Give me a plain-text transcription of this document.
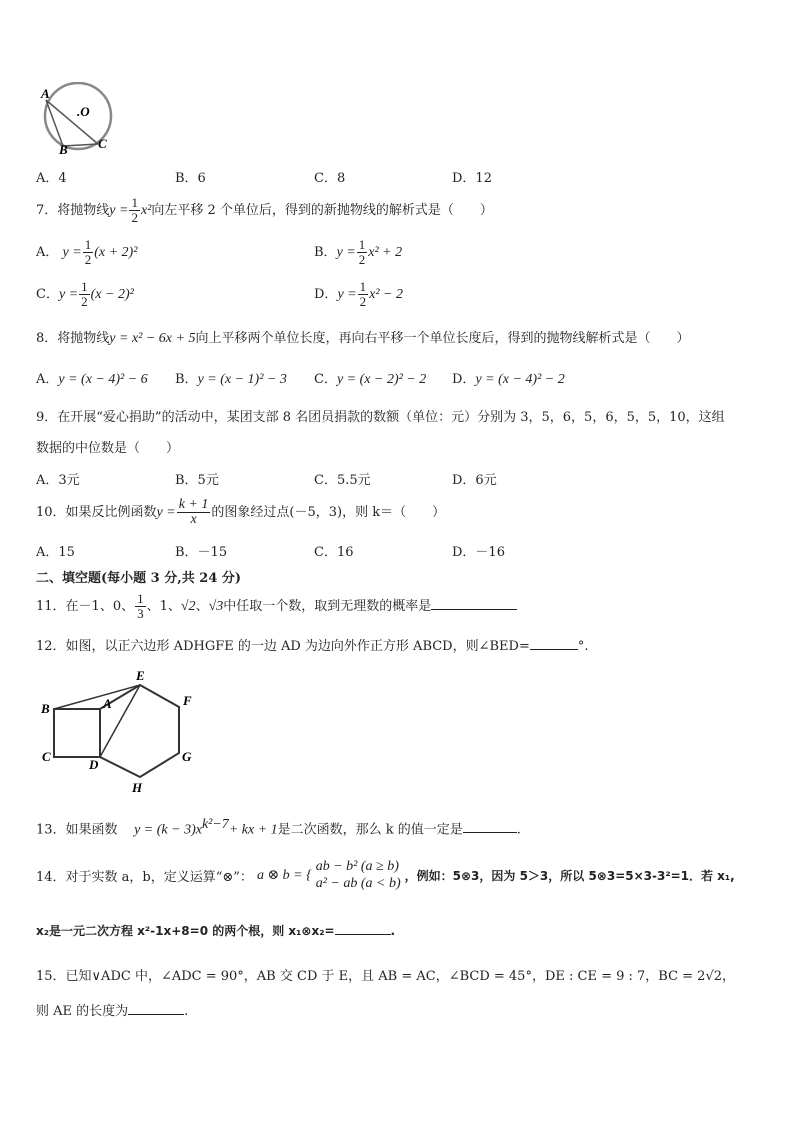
A
B C
.O
A．4	B．6	C．8	D．12
7．将抛物线$y = \frac{1}{2} x^2$向左平移 2 个单位后，得到的新抛物线的解析式是（　　）
A． $y = \frac{1}{2} (x + 2)^2$	B．$y = \frac{1}{2} x^2 + 2$
C．$y = \frac{1}{2} (x - 2)^2$	D．$y = \frac{1}{2} x^2 - 2$
8．将抛物线y = x² − 6x + 5向上平移两个单位长度，再向右平移一个单位长度后，得到的抛物线解析式是（　　）
A．y = (x − 4)² − 6 B．y = (x − 1)² − 3 C．y = (x − 2)² − 2 D．y = (x − 4)² − 2
9．在开展“爱心捐助”的活动中，某团支部 8 名团员捐款的数额（单位：元）分别为 3，5，6，5，6，5，5，10，这组
数据的中位数是（　　）
A．3元	B．5元	C．5.5元	D．6元
10．如果反比例函数$y = \frac{k + 1}{x}$ 的图象经过点(－5，3)，则 k＝（　　）
A．15	B．－15	C．16	D．－16
二、填空题(每小题 3 分,共 24 分)
11．在－1、0、 $\frac{1}{3}$ 、1、√2、√3中任取一个数，取到无理数的概率是
12．如图，以正六边形 ADHGFE 的一边 AD 为边向外作正方形 ABCD，则∠BED=	°.
E
F
B	A
C
D
G
H
13．如果函数 $y = (k - 3)x^{k^2-7}+$ kx + 1是二次函数，那么 k 的值一定是	.
14．对于实数 a，b，定义运算“⊗”： a ⊗ b = {
ab − b² (a ≥ b)
a² − ab (a < b)
，例如：5⊗3，因为 5＞3，所以 5⊗3=5×3-3²=1．若 x₁,
x₂是一元二次方程 x²-1x+8=0 的两个根，则 x₁⊗x₂=	.
15．已知∨ADC 中，∠ADC = 90°，AB 交 CD 于 E，且 AB = AC，∠BCD = 45°，DE : CE = 9 : 7，BC = 2√2，
则 AE 的长度为	.
